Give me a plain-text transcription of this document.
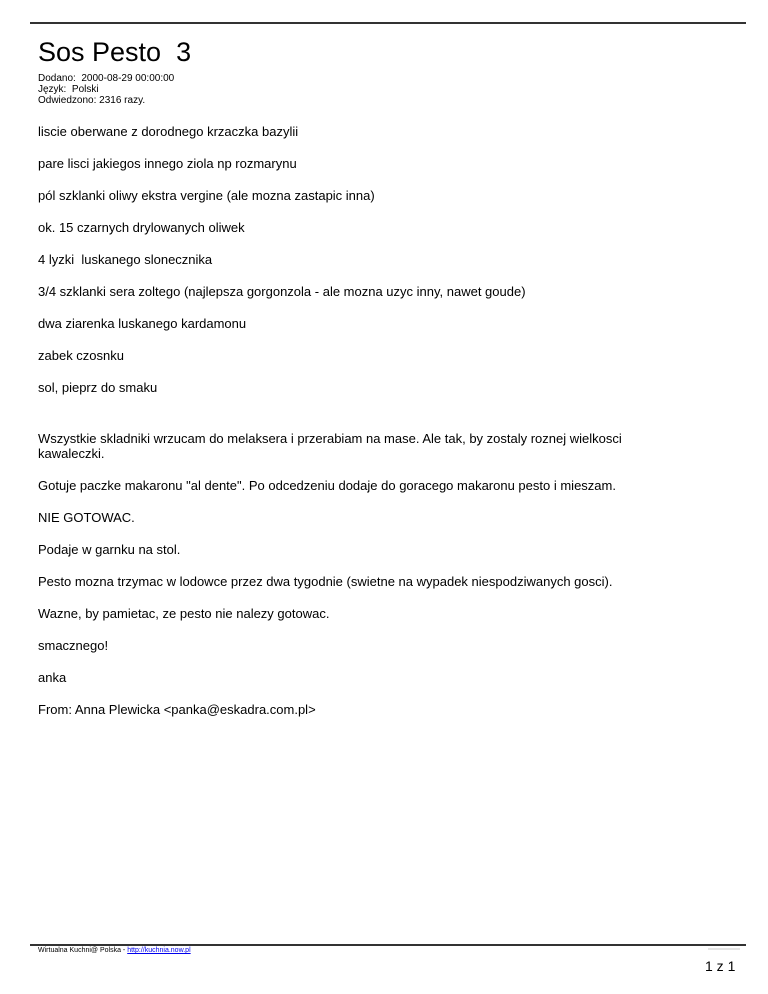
Sos Pesto  3
Dodano:  2000-08-29 00:00:00
Język:  Polski
Odwiedzono: 2316 razy.

liscie oberwane z dorodnego krzaczka bazylii

pare lisci jakiegos innego ziola np rozmarynu

pól szklanki oliwy ekstra vergine (ale mozna zastapic inna)

ok. 15 czarnych drylowanych oliwek

4 lyzki  luskanego slonecznika

3/4 szklanki sera zoltego (najlepsza gorgonzola - ale mozna uzyc inny, nawet goude)

dwa ziarenka luskanego kardamonu

zabek czosnku

sol, pieprz do smaku

Wszystkie skladniki wrzucam do melaksera i przerabiam na mase. Ale tak, by zostaly roznej wielkosci kawaleczki.

Gotuje paczke makaronu "al dente". Po odcedzeniu dodaje do goracego makaronu pesto i mieszam.

NIE GOTOWAC.

Podaje w garnku na stol.

Pesto mozna trzymac w lodowce przez dwa tygodnie (swietne na wypadek niespodziwanych gosci).

Wazne, by pamietac, ze pesto nie nalezy gotowac.

smacznego!

anka

From: Anna Plewicka <panka@eskadra.com.pl>

Wirtualna Kuchni@ Polska - http://kuchnia.now.pl
1 z 1
